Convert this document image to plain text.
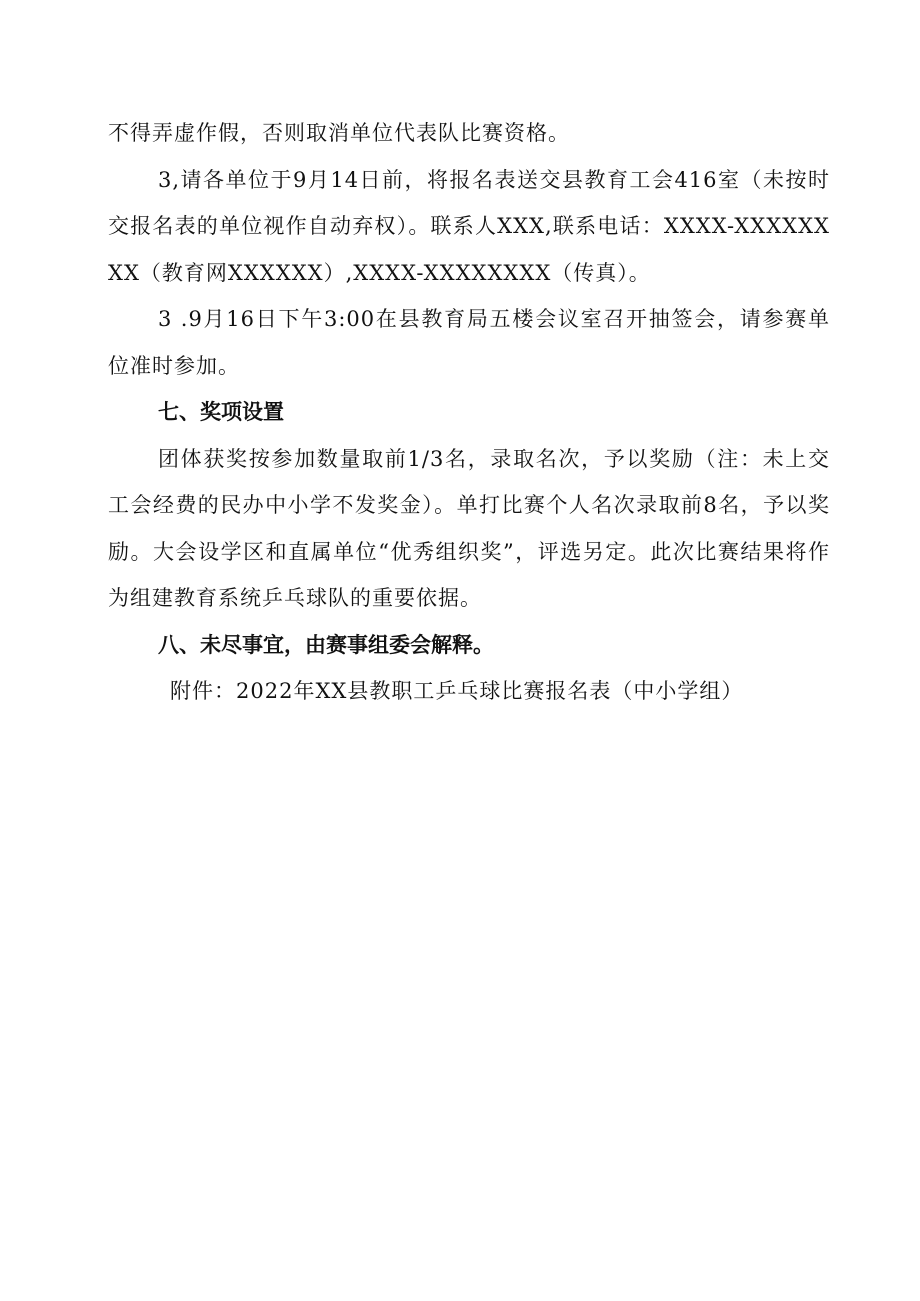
不得弄虚作假，否则取消单位代表队比赛资格。

3,请各单位于9月14日前，将报名表送交县教育工会416室（未按时交报名表的单位视作自动弃权）。联系人XXX,联系电话：XXXX-XXXXXXXX（教育网XXXXXX）,XXXX-XXXXXXXX（传真）。

3 .9月16日下午3:00在县教育局五楼会议室召开抽签会，请参赛单位准时参加。

七、奖项设置

团体获奖按参加数量取前1/3名，录取名次，予以奖励（注：未上交工会经费的民办中小学不发奖金）。单打比赛个人名次录取前8名，予以奖励。大会设学区和直属单位“优秀组织奖”，评选另定。此次比赛结果将作为组建教育系统乒乓球队的重要依据。

八、未尽事宜，由赛事组委会解释。

附件：2022年XX县教职工乒乓球比赛报名表（中小学组）
